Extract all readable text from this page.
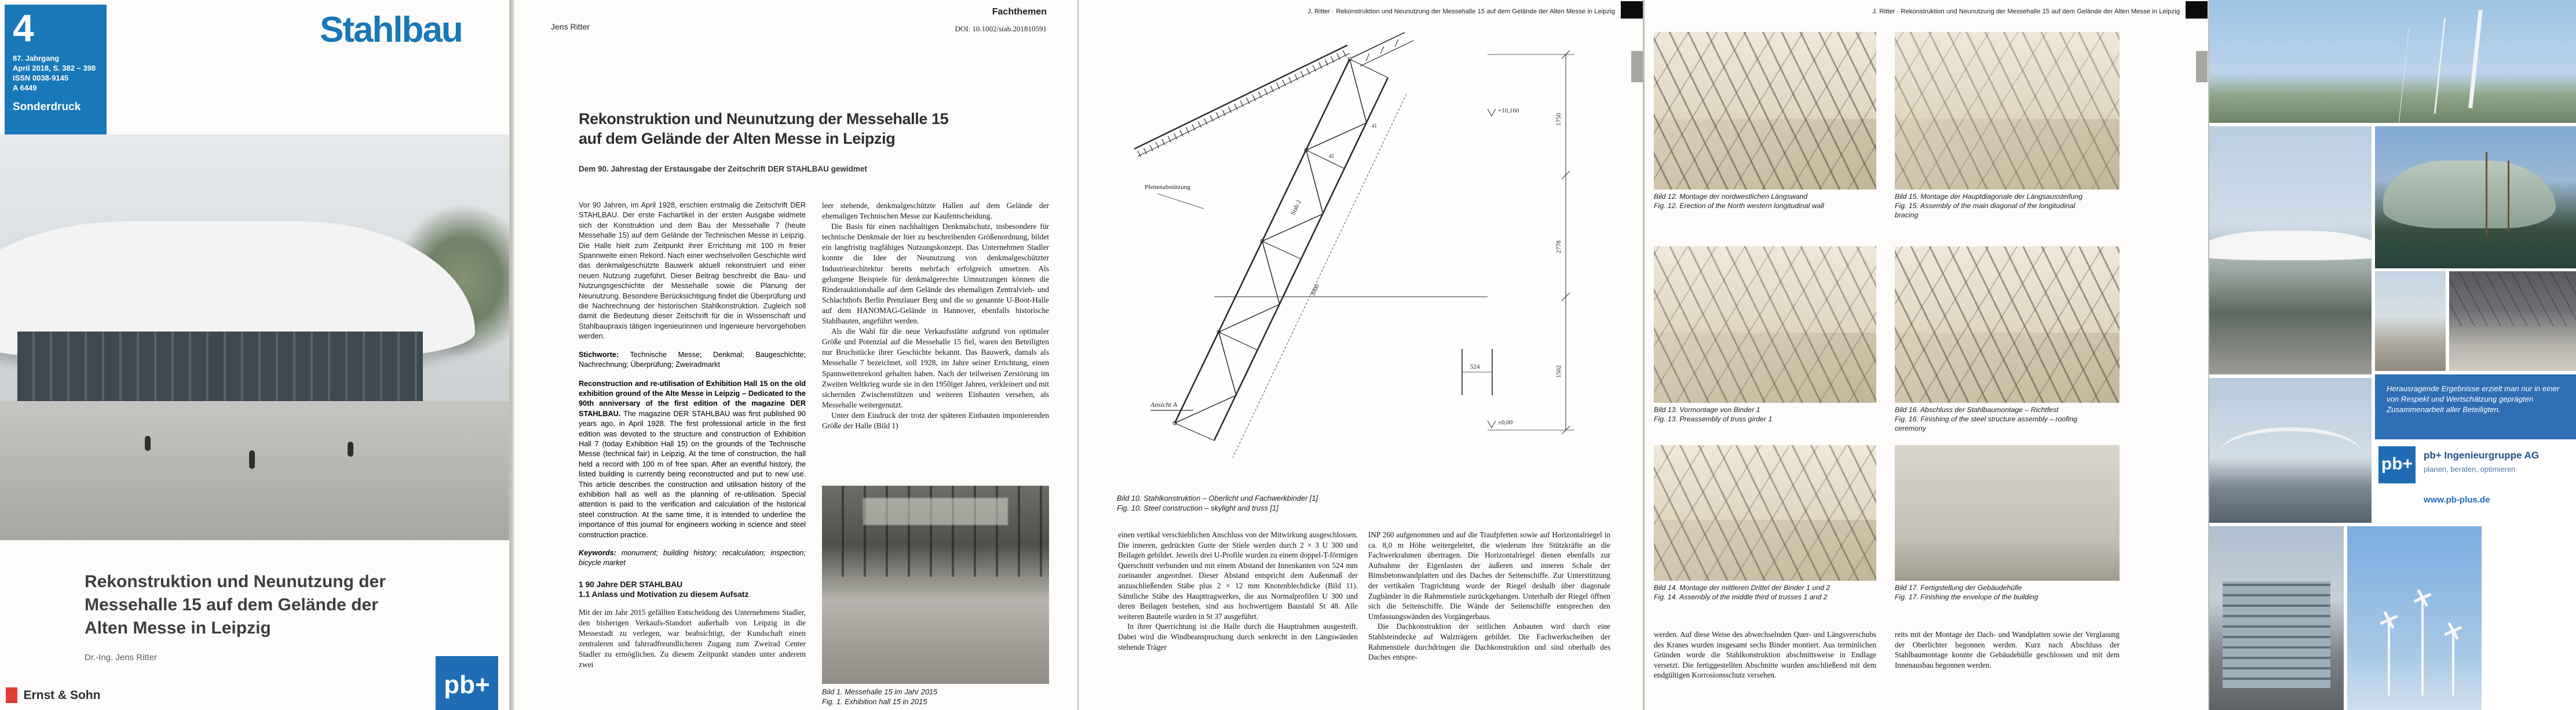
Stahlbau
4
87. Jahrgang
April 2018, S. 382 – 398
ISSN 0038-9145
A 6449
Sonderdruck
Rekonstruktion und Neunutzung der
Messehalle 15 auf dem Gelände der
Alten Messe in Leipzig
Dr.-Ing. Jens Ritter
Ernst & Sohn	pb+
Jens Ritter
Fachthemen
DOI: 10.1002/stab.201810591
Rekonstruktion und Neunutzung der Messehalle 15
auf dem Gelände der Alten Messe in Leipzig
Dem 90. Jahrestag der Erstausgabe der Zeitschrift DER STAHLBAU gewidmet

Vor 90 Jahren, im April 1928, erschien erstmalig die Zeitschrift DER STAHLBAU. Der erste Fachartikel in der ersten Ausgabe widmete sich der Konstruktion und dem Bau der Messehalle 7 (heute Messehalle 15) auf dem Gelände der Technischen Messe in Leipzig. Die Halle hielt zum Zeitpunkt ihrer Errichtung mit 100 m freier Spannweite einen Rekord. Nach einer wechselvollen Geschichte wird das denkmalgeschützte Bauwerk aktuell rekonstruiert und einer neuen Nutzung zugeführt. Dieser Beitrag beschreibt die Bau- und Nutzungsgeschichte der Messehalle sowie die Planung der Neunutzung. Besondere Berücksichtigung findet die Überprüfung und die Nachrechnung der historischen Stahlkonstruktion. Zugleich soll damit die Bedeutung dieser Zeitschrift für die in Wissenschaft und Stahlbaupraxis tätigen Ingenieurinnen und Ingenieure hervorgehoben werden.

Stichworte: Technische Messe; Denkmal; Baugeschichte; Nachrechnung; Überprüfung; Zweiradmarkt

Reconstruction and re-utilisation of Exhibition Hall 15 on the old exhibition ground of the Alte Messe in Leipzig – Dedicated to the 90th anniversary of the first edition of the magazine DER STAHLBAU. The magazine DER STAHLBAU was first published 90 years ago, in April 1928. The first professional article in the first edition was devoted to the structure and construction of Exhibition Hall 7 (today Exhibition Hall 15) on the grounds of the Technische Messe (technical fair) in Leipzig. At the time of construction, the hall held a record with 100 m of free span. After an eventful history, the listed building is currently being reconstructed and put to new use. This article describes the construction and utilisation history of the exhibition hall as well as the planning of re-utilisation. Special attention is paid to the verification and calculation of the historical steel construction. At the same time, it is intended to underline the importance of this journal for engineers working in science and steel construction practice.

Keywords: monument; building history; recalculation; inspection; bicycle market

1 90 Jahre DER STAHLBAU

1.1 Anlass und Motivation zu diesem Aufsatz

Mit der im Jahr 2015 gefällten Entscheidung des Unternehmens Stadler, den bisherigen Verkaufs-Standort außerhalb von Leipzig in die Messestadt zu verlegen, war beabsichtigt, der Kundschaft einen zentraleren und fahrradfreundlicheren Zugang zum Zweirad Center Stadler zu ermöglichen. Zu diesem Zeitpunkt standen unter anderem zwei

leer stehende, denkmalgeschützte Hallen auf dem Gelände der ehemaligen Technischen Messe zur Kaufentscheidung.

Die Basis für einen nachhaltigen Denkmalschutz, insbesondere für technische Denkmale der hier zu beschreibenden Größenordnung, bildet ein langfristig tragfähiges Nutzungskonzept. Das Unternehmen Stadler konnte die Idee der Neunutzung von denkmalgeschützter Industriearchitektur bereits mehrfach erfolgreich umsetzen. Als gelungene Beispiele für denkmalgerechte Umnutzungen können die Rinderauktionshalle auf dem Gelände des ehemaligen Zentralvieh- und Schlachthofs Berlin Prenzlauer Berg und die so genannte U-Boot-Halle auf dem HANOMAG-Gelände in Hannover, ebenfalls historische Stahlbauten, angeführt werden.

Als die Wahl für die neue Verkaufsstätte aufgrund von optimaler Größe und Potenzial auf die Messehalle 15 fiel, waren den Beteiligten nur Bruchstücke ihrer Geschichte bekannt. Das Bauwerk, damals als Messehalle 7 bezeichnet, soll 1928, im Jahre seiner Errichtung, einen Spannweitenrekord gehalten haben. Nach der teilweisen Zerstörung im Zweiten Weltkrieg wurde sie in den 1950iger Jahren, verkleinert und mit sichernden Zwischenstützen und weiteren Einbauten versehen, als Messehalle weitergenutzt.

Unter dem Eindruck der trotz der späteren Einbauten imponierenden Größe der Halle (Bild 1)

Bild 1. Messehalle 15 im Jahr 2015
Fig. 1. Exhibition hall 15 in 2015
J. Ritter · Rekonstruktion und Neunutzung der Messehalle 15 auf dem Gelände der Alten Messe in Leipzig
Pfettenabstützung
Ansicht A
Stab 2
+10,160
±0,00
1750
2778
1502
3000
524
41
42
Bild 10. Stahlkonstruktion – Oberlicht und Fachwerkbinder [1]
Fig. 10. Steel construction – skylight and truss [1]

einen vertikal verschieblichen Anschluss von der Mitwirkung ausgeschlossen. Die inneren, gedrückten Gurte der Stiele werden durch 2 × 3 U 300 und Beilagen gebildet. Jeweils drei U-Profile wurden zu einem doppel-T-förmigen Querschnitt verbunden und mit einem Abstand der Innenkanten von 524 mm zueinander angeordnet. Dieser Abstand entspricht dem Außenmaß der anzuschließenden Stäbe plus 2 × 12 mm Knotenblechdicke (Bild 11). Sämtliche Stäbe des Haupttragwerkes, die aus Normalprofilen U 300 und deren Beilagen bestehen, sind aus hochwertigem Baustahl St 48. Alle weiteren Bauteile wurden in St 37 ausgeführt.

In ihrer Querrichtung ist die Halle durch die Hauptrahmen ausgesteift. Dabei wird die Windbeanspruchung durch senkrecht in den Längswänden stehende Träger

INP 260 aufgenommen und auf die Traufpfetten sowie auf Horizontalriegel in ca. 8,0 m Höhe weitergeleitet, die wiederum ihre Stützkräfte an die Fachwerkrahmen übertragen. Die Horizontalriegel dienen ebenfalls zur Aufnahme der Eigenlasten der äußeren und inneren Schale der Bimsbetonwandplatten und des Daches der Seitenschiffe. Zur Unterstützung der vertikalen Tragrichtung wurde der Riegel deshalb über diagonale Zugbänder in die Rahmenstiele zurückgehangen. Unterhalb der Riegel öffnen sich die Seitenschiffe. Die Wände der Seitenschiffe entsprechen den Umfassungswänden des Vorgängerbaus.

Die Dachkonstruktion der seitlichen Anbauten wird durch eine Stahlsteindecke auf Walzträgern gebildet. Die Fachwerkscheiben der Rahmenstiele durchdringen die Dachkonstruktion und sind oberhalb des Daches entspre-

J. Ritter · Rekonstruktion und Neunutzung der Messehalle 15 auf dem Gelände der Alten Messe in Leipzig
Bild 12. Montage der nordwestlichen Längswand
Fig. 12. Erection of the North western longitudinal wall
Bild 15. Montage der Hauptdiagonale der Längsaussteifung
Fig. 15. Assembly of the main diagonal of the longitudinal bracing
Bild 13. Vormontage von Binder 1
Fig. 13. Preassembly of truss girder 1
Bild 16. Abschluss der Stahlbaumontage – Richtfest
Fig. 16. Finishing of the steel structure assembly – roofing ceremony
Bild 14. Montage der mittleren Drittel der Binder 1 und 2
Fig. 14. Assembly of the middle third of trusses 1 and 2
Bild 17. Fertigstellung der Gebäudehülle
Fig. 17. Finishing the envelope of the building

werden. Auf diese Weise des abwechselnden Quer- und Längsverschubs des Kranes wurden insgesamt sechs Binder montiert. Aus terminlichen Gründen wurde die Stahlkonstruktion abschnittsweise in Endlage versetzt. Die fertiggestellten Abschnitte wurden anschließend mit dem endgültigen Korrosionsschutz versehen.

reits mit der Montage der Dach- und Wandplatten sowie der Verglasung der Oberlichter begonnen werden. Kurz nach Abschluss der Stahlbaumontage konnte die Gebäudehülle geschlossen und mit dem Innenausbau begonnen werden.

Herausragende Ergebnisse erzielt man nur in einer von Respekt und Wertschätzung geprägten Zusammenarbeit aller Beteiligten.
pb+ pb+ Ingenieurgruppe AG
planen, beraten, optimieren
www.pb-plus.de
